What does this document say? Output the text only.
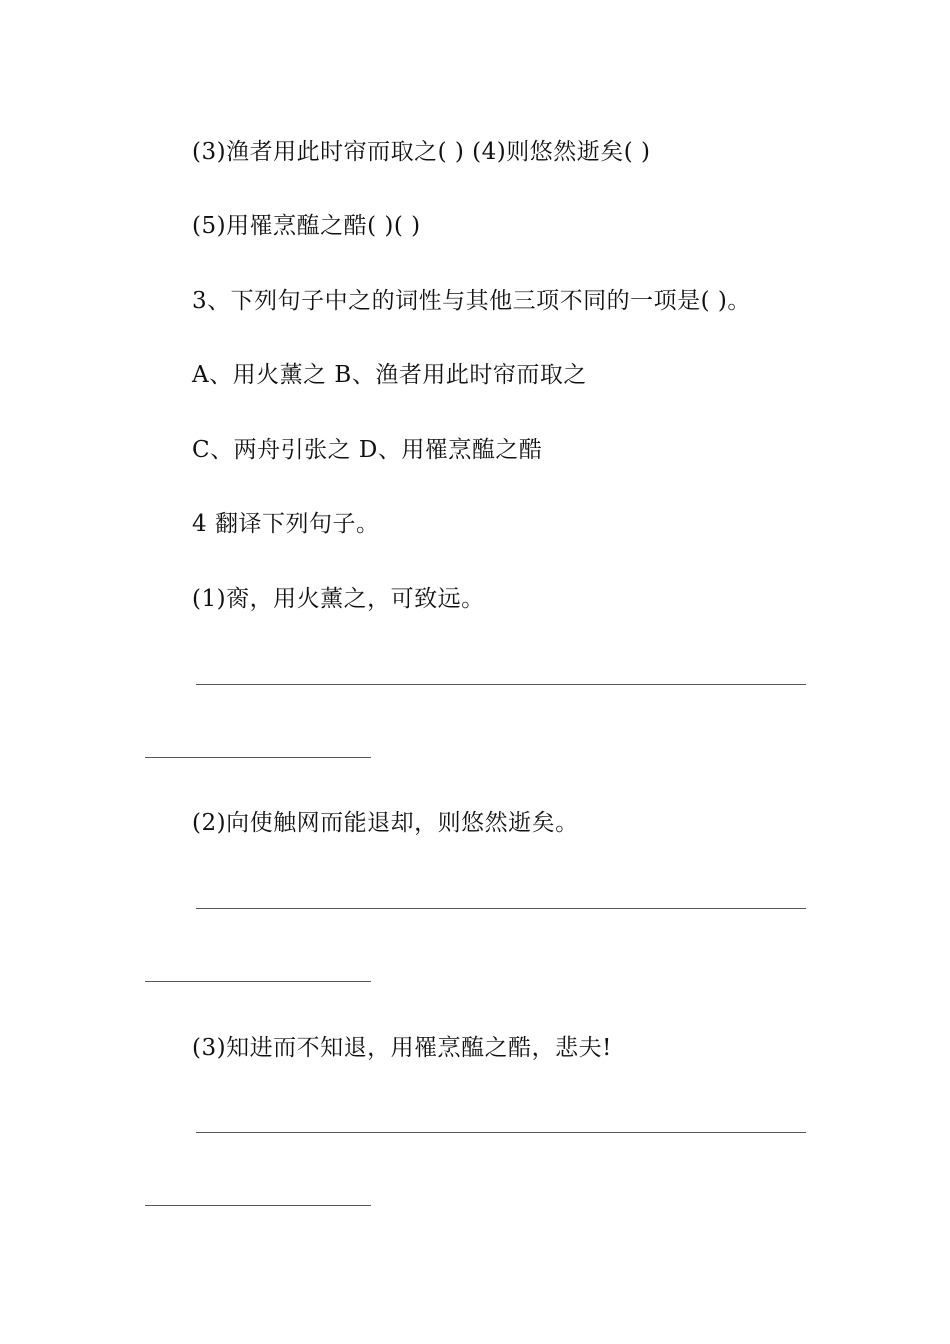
(3)渔者用此时帘而取之( ) (4)则悠然逝矣( )
(5)用罹烹醢之酷( )( )
3、下列句子中之的词性与其他三项不同的一项是( )。
A、用火薰之 B、渔者用此时帘而取之
C、两舟引张之 D、用罹烹醢之酷
4 翻译下列句子。
(1)脔，用火薰之，可致远。
(2)向使触网而能退却，则悠然逝矣。
(3)知进而不知退，用罹烹醢之酷，悲夫!
